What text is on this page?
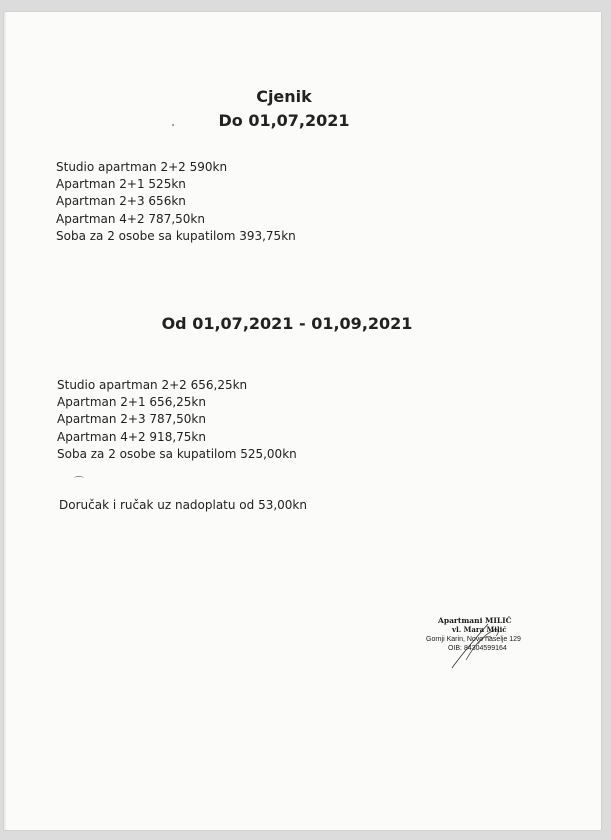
Cjenik
Do 01,07,2021
Studio apartman 2+2 590kn
Apartman 2+1 525kn
Apartman 2+3 656kn
Apartman 4+2 787,50kn
Soba za 2 osobe sa kupatilom 393,75kn
Od 01,07,2021 - 01,09,2021
Studio apartman 2+2 656,25kn
Apartman 2+1 656,25kn
Apartman 2+3 787,50kn
Apartman 4+2 918,75kn
Soba za 2 osobe sa kupatilom 525,00kn
⌒

Doručak i ručak uz nadoplatu od 53,00kn

Apartmani MILIĆ

vl. Mara Milić

Gornji Karin, Novo naselje 129

OIB: 84304599164
